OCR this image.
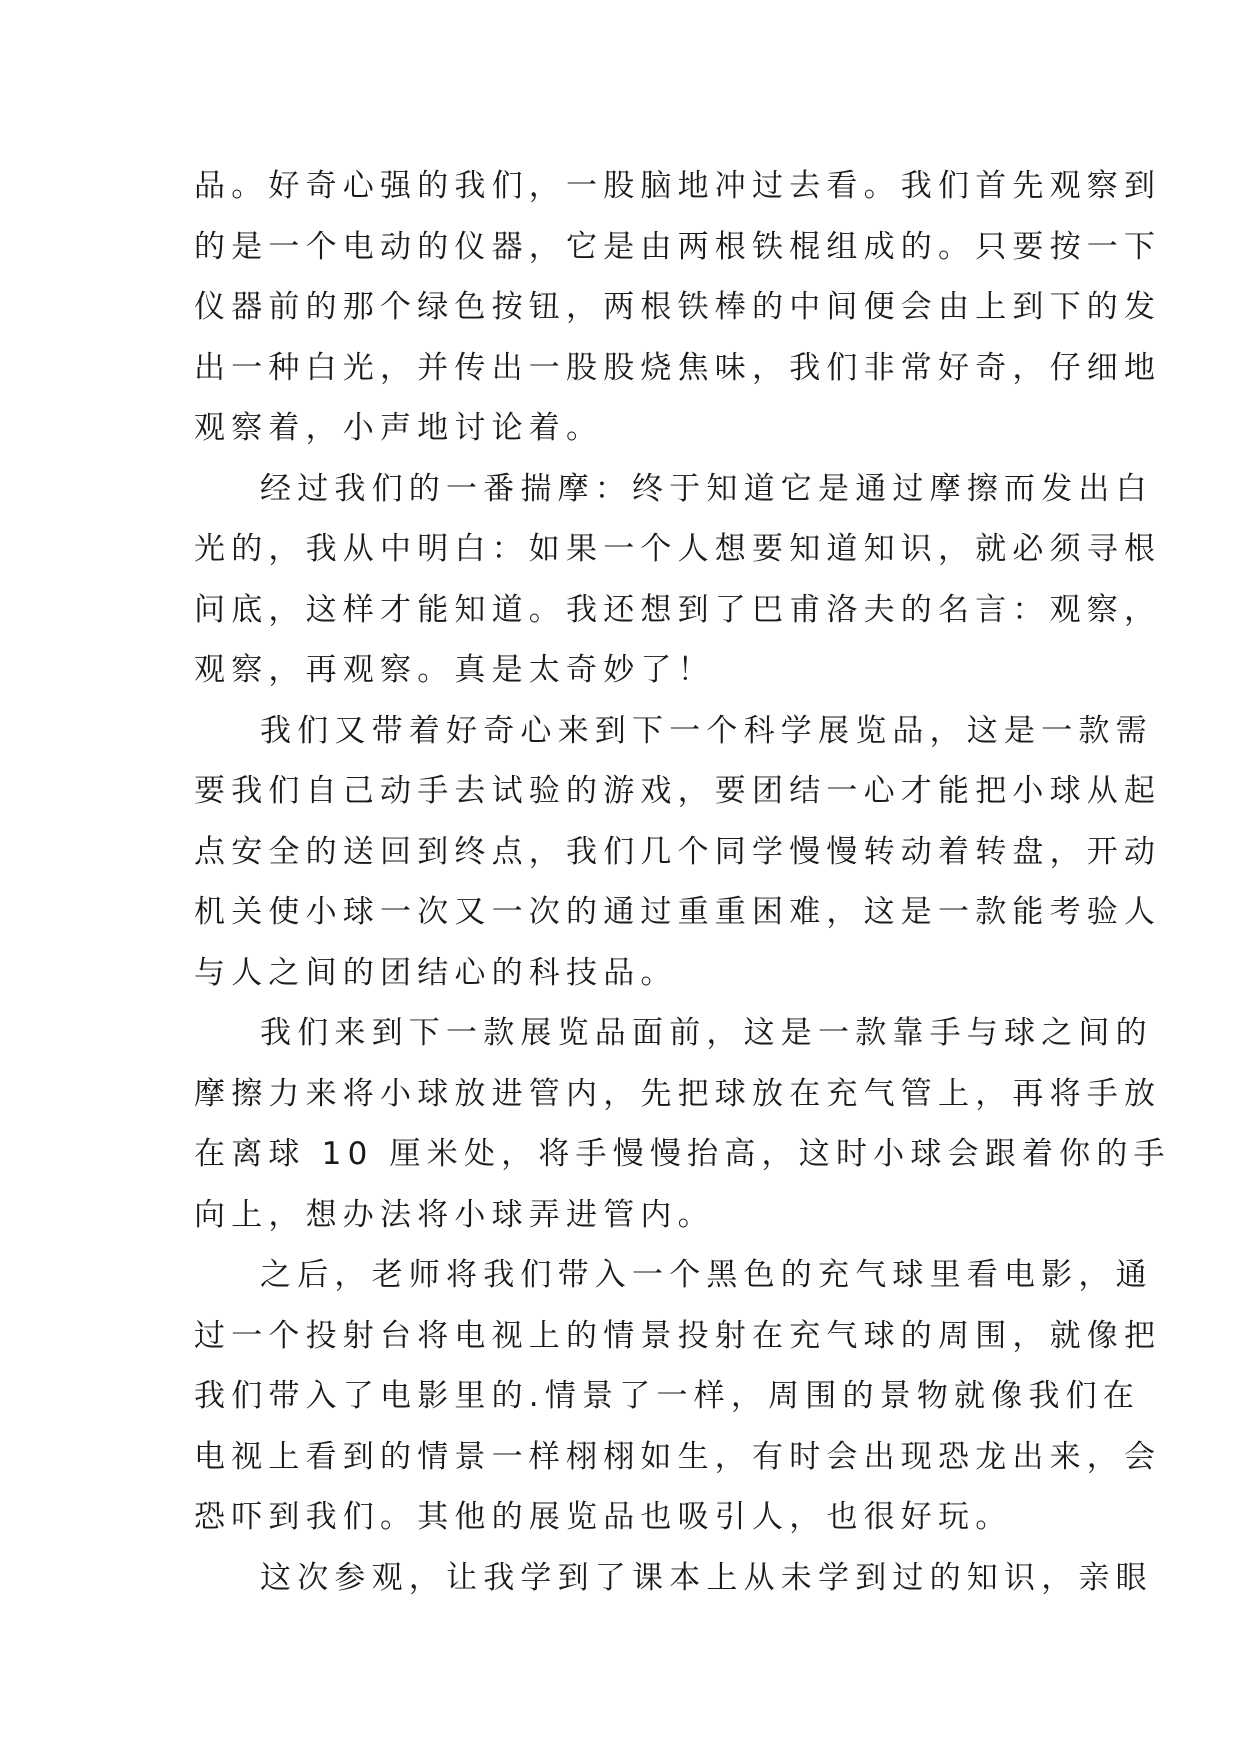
品。好奇心强的我们，一股脑地冲过去看。我们首先观察到
的是一个电动的仪器，它是由两根铁棍组成的。只要按一下
仪器前的那个绿色按钮，两根铁棒的中间便会由上到下的发
出一种白光，并传出一股股烧焦味，我们非常好奇，仔细地
观察着，小声地讨论着。
经过我们的一番揣摩：终于知道它是通过摩擦而发出白
光的，我从中明白：如果一个人想要知道知识，就必须寻根
问底，这样才能知道。我还想到了巴甫洛夫的名言：观察，
观察，再观察。真是太奇妙了！
我们又带着好奇心来到下一个科学展览品，这是一款需
要我们自己动手去试验的游戏，要团结一心才能把小球从起
点安全的送回到终点，我们几个同学慢慢转动着转盘，开动
机关使小球一次又一次的通过重重困难，这是一款能考验人
与人之间的团结心的科技品。
我们来到下一款展览品面前，这是一款靠手与球之间的
摩擦力来将小球放进管内，先把球放在充气管上，再将手放
在离球 10 厘米处，将手慢慢抬高，这时小球会跟着你的手
向上，想办法将小球弄进管内。
之后，老师将我们带入一个黑色的充气球里看电影，通
过一个投射台将电视上的情景投射在充气球的周围，就像把
我们带入了电影里的.情景了一样，周围的景物就像我们在
电视上看到的情景一样栩栩如生，有时会出现恐龙出来，会
恐吓到我们。其他的展览品也吸引人，也很好玩。
这次参观，让我学到了课本上从未学到过的知识，亲眼
